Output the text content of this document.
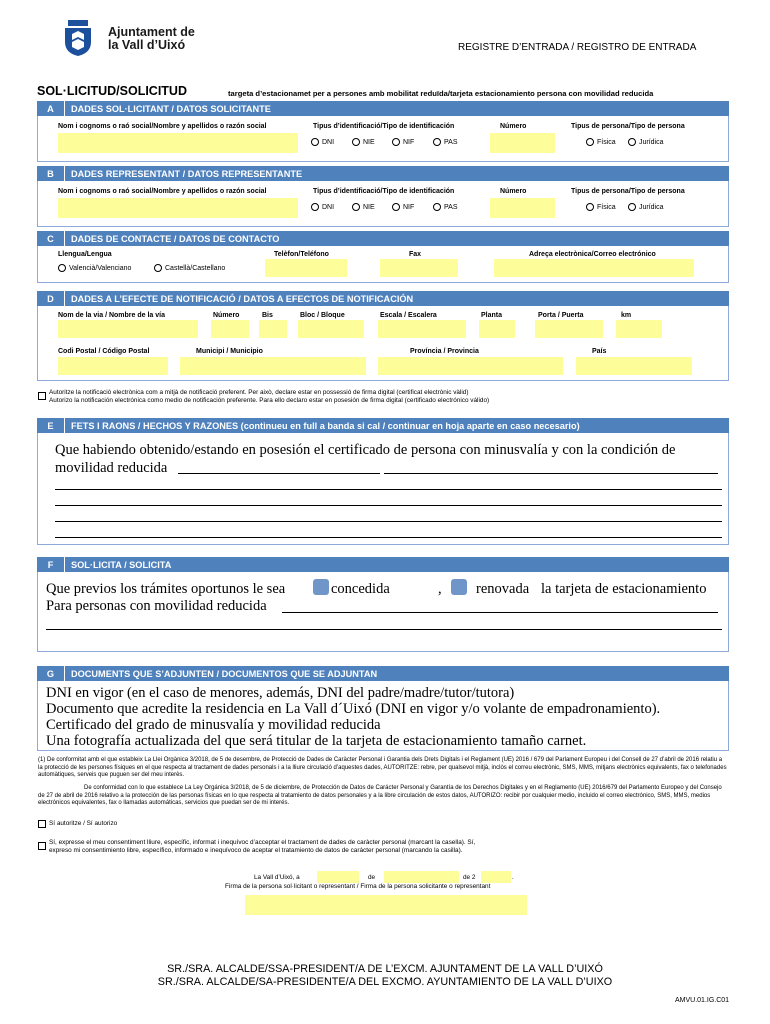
Ajuntament de
la Vall d’Uixó	REGISTRE D’ENTRADA / REGISTRO DE ENTRADA
SOL·LICITUD/SOLICITUD	targeta d’estacionamet per a persones amb mobilitat reduïda/tarjeta estacionamiento persona con movilidad reducida
A	DADES SOL·LICITANT / DATOS SOLICITANTE
Nom i cognoms o raó social/Nombre y apellidos o razón social	Tipus d’identificació/Tipo de identificación	Número	Tipus de persona/Tipo de persona
DNI	NIE	NIF	PAS	Física	Jurídica
B	DADES REPRESENTANT / DATOS REPRESENTANTE
Nom i cognoms o raó social/Nombre y apellidos o razón social	Tipus d’identificació/Tipo de identificación	Número	Tipus de persona/Tipo de persona
DNI	NIE	NIF	PAS	Física	Jurídica
C	DADES DE CONTACTE / DATOS DE CONTACTO
Llengua/Lengua	Telèfon/Teléfono	Fax	Adreça electrònica/Correo electrónico
Valencià/Valenciano	Castellà/Castellano
D	DADES A L’EFECTE DE NOTIFICACIÓ / DATOS A EFECTOS DE NOTIFICACIÓN
Nom de la via / Nombre de la vía	Número	Bis	Bloc / Bloque	Escala / Escalera	Planta	Porta / Puerta	km
Codi Postal / Código Postal	Municipi / Municipio	Província / Provincia	País
Autoritze la notificació electrònica com a mitjà de notificació preferent. Per això, declare estar en possessió de firma digital (certificat electrònic vàlid)
Autorizo la notificación electrónica como medio de notificación preferente. Para ello declaro estar en posesión de firma digital (certificado electrónico válido)
E	FETS I RAONS / HECHOS Y RAZONES (continueu en full a banda si cal / continuar en hoja aparte en caso necesario)
Que habiendo obtenido/estando en posesión el certificado de persona con minusvalía y con la condición de
movilidad reducida
F	SOL·LICITA / SOLICITA
Que previos los trámites oportunos le sea	concedida	, renovada la tarjeta de estacionamiento
Para personas con movilidad reducida
G	DOCUMENTS QUE S’ADJUNTEN / DOCUMENTOS QUE SE ADJUNTAN
DNI en vigor (en el caso de menores, además, DNI del padre/madre/tutor/tutora)
Documento que acredite la residencia en La Vall d´Uixó (DNI en vigor y/o volante de empadronamiento).
Certificado del grado de minusvalía y movilidad reducida
Una fotografía actualizada del que será titular de la tarjeta de estacionamiento tamaño carnet.
(1) De conformitat amb el que estableix La Llei Orgànica 3/2018, de 5 de desembre, de Protecció de Dades de Caràcter Personal i Garantia dels Drets Digitals i el Reglament (UE) 2016 / 679 del Parlament Europeu i del Consell de 27 d’abril de 2016 relatiu a la protecció de les persones físiques en el que respecta al tractament de dades personals i a la lliure circulació d’aquestes dades, AUTORITZE: rebre, per qualsevol mitjà, inclòs el correu electrònic, SMS, MMS, mitjans electrònics equivalents, fax o telefonades automàtiques, serveis que puguen ser del meu interès.
De conformidad con lo que establece La Ley Orgánica 3/2018, de 5 de diciembre, de Protección de Datos de Carácter Personal y Garantía de los Derechos Digitales y en el Reglamento (UE) 2016/679 del Parlamento Europeo y del Consejo de 27 de abril de 2016 relativo a la protección de las personas físicas en lo que respecta al tratamiento de datos personales y a la libre circulación de estos datos, AUTORIZO: recibir por cualquier medio, incluido el correo electrónico, SMS, MMS, medios electrónicos equivalentes, fax o llamadas automáticas, servicios que puedan ser de mi interés.
Sí autoritze / Sí autorizo
Sí, expresse el meu consentiment lliure, específic, informat i inequívoc d’acceptar el tractament de dades de caràcter personal (marcant la casella). Sí,
expreso mi consentimiento libre, específico, informado e inequívoco de aceptar el tratamiento de datos de carácter personal (marcando la casilla).
La Vall d’Uixó, a	de	de 2	.
Firma de la persona sol·licitant o representant / Firma de la persona solicitante o representant
SR./SRA. ALCALDE/SSA-PRESIDENT/A DE L’EXCM. AJUNTAMENT DE LA VALL D’UIXÓ
SR./SRA. ALCALDE/SA-PRESIDENTE/A DEL EXCMO. AYUNTAMIENTO DE LA VALL D’UIXO
AMVU.01.IG.C01
